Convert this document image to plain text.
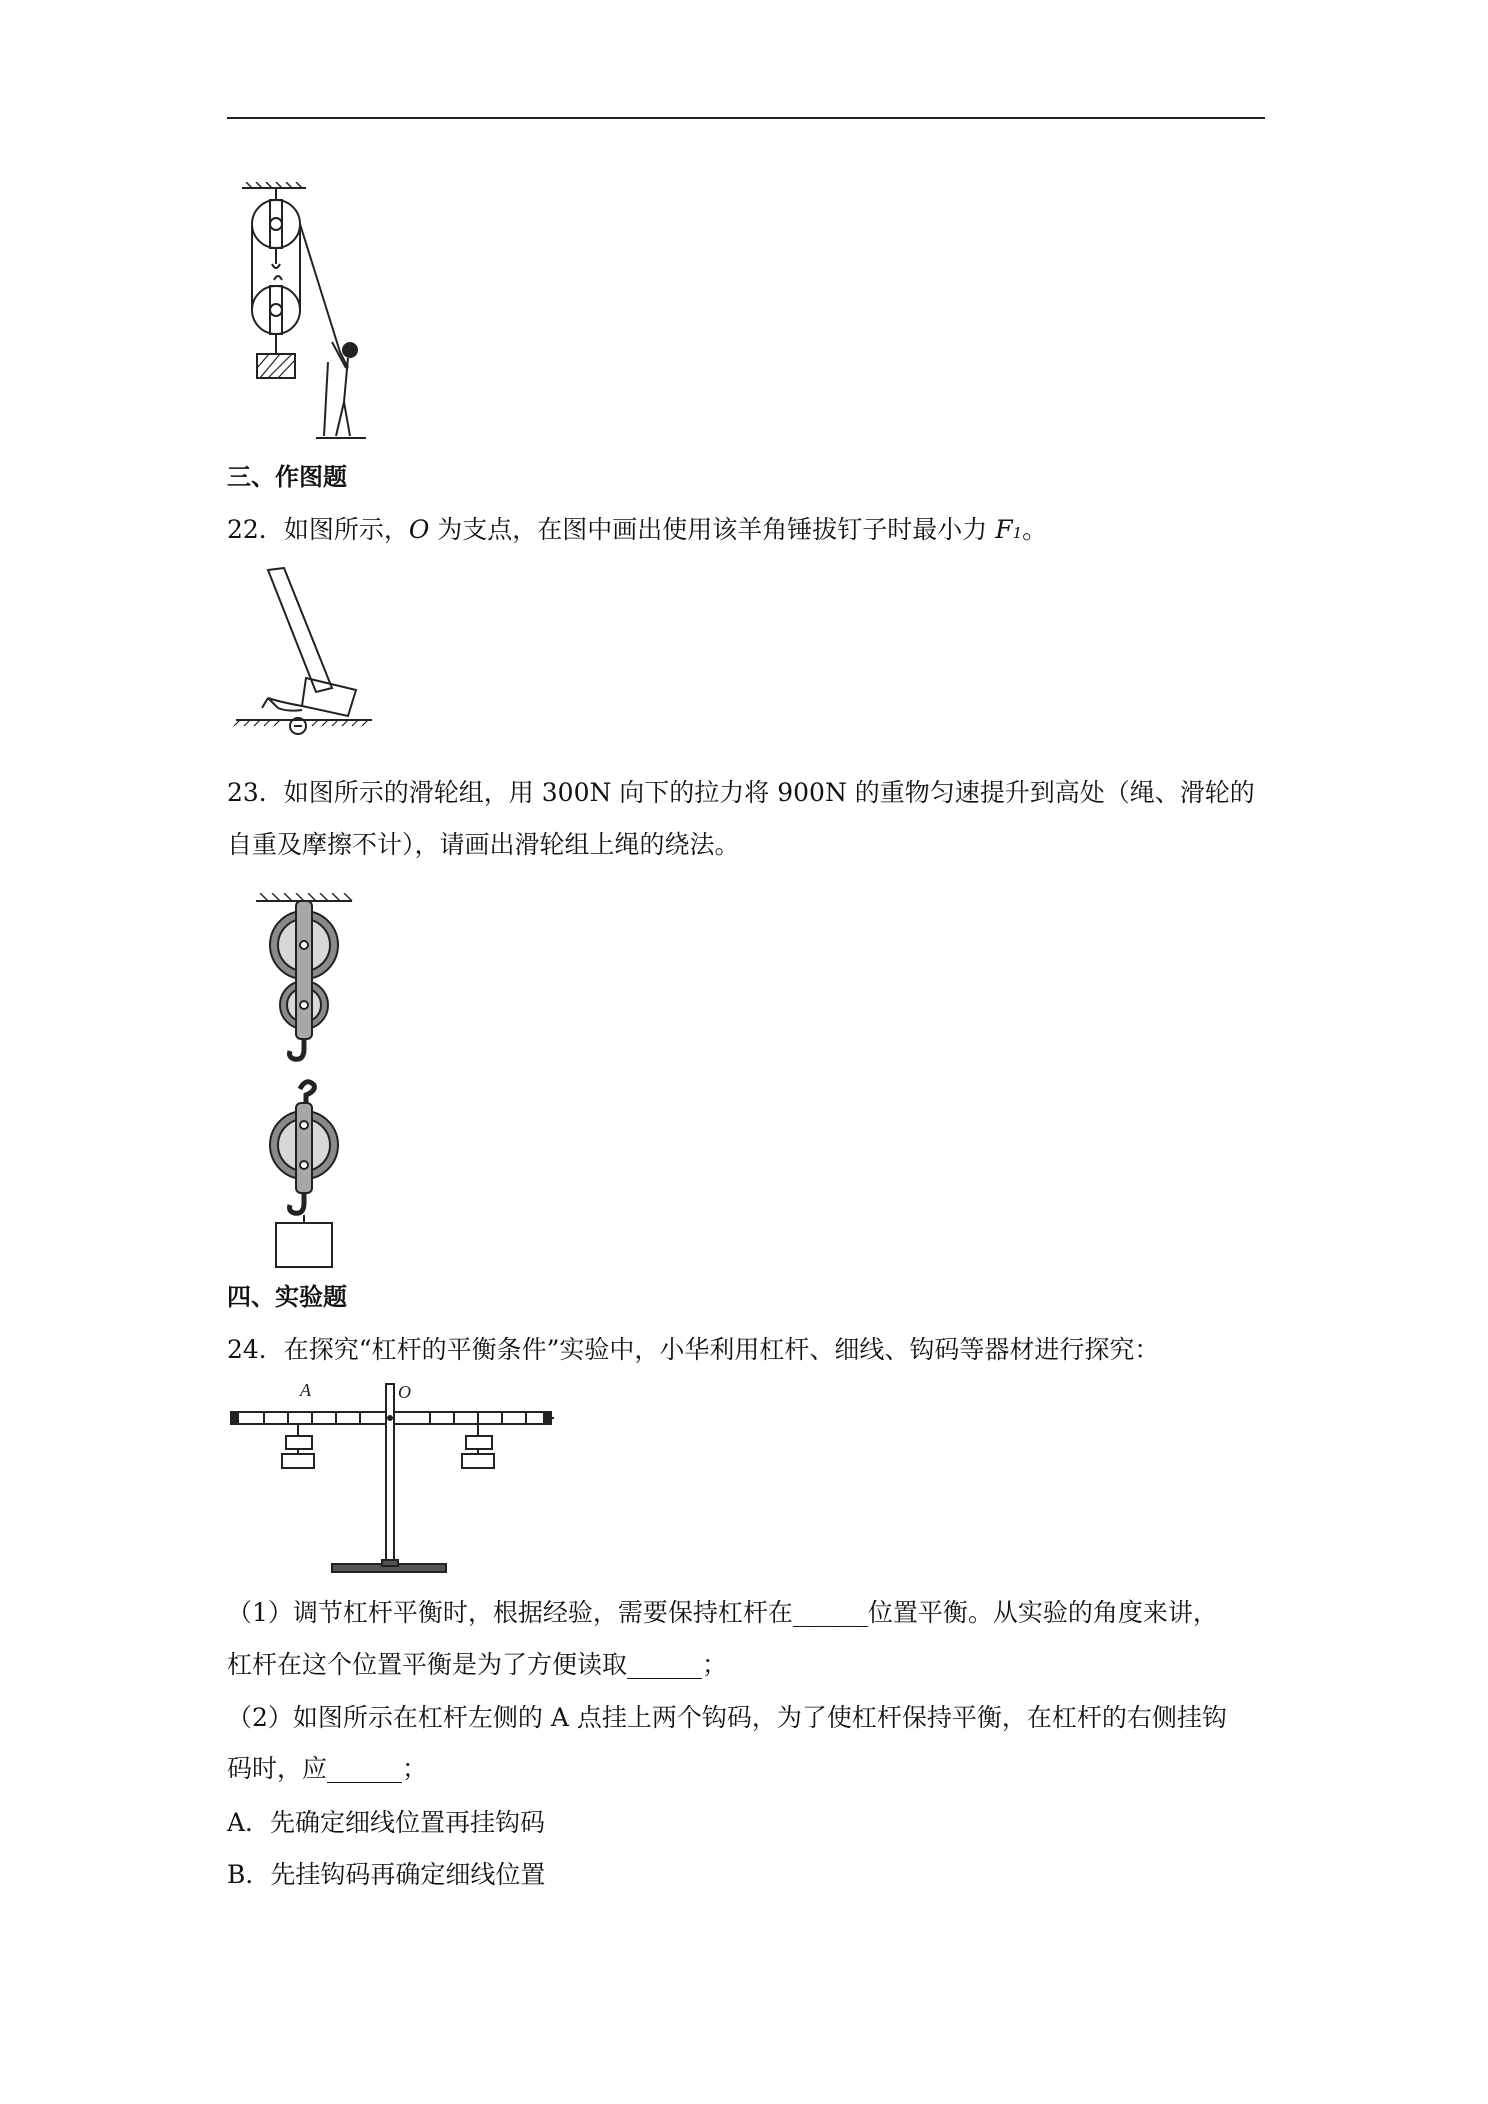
三、作图题
22．如图所示，O 为支点，在图中画出使用该羊角锤拔钉子时最小力 F1。
23．如图所示的滑轮组，用 300N 向下的拉力将 900N 的重物匀速提升到高处（绳、滑轮的
自重及摩擦不计），请画出滑轮组上绳的绕法。
四、实验题
24．在探究“杠杆的平衡条件”实验中，小华利用杠杆、细线、钩码等器材进行探究：
A	O
（1）调节杠杆平衡时，根据经验，需要保持杠杆在______位置平衡。从实验的角度来讲，
杠杆在这个位置平衡是为了方便读取______；
（2）如图所示在杠杆左侧的 A 点挂上两个钩码，为了使杠杆保持平衡，在杠杆的右侧挂钩
码时，应______；
A．先确定细线位置再挂钩码
B．先挂钩码再确定细线位置
